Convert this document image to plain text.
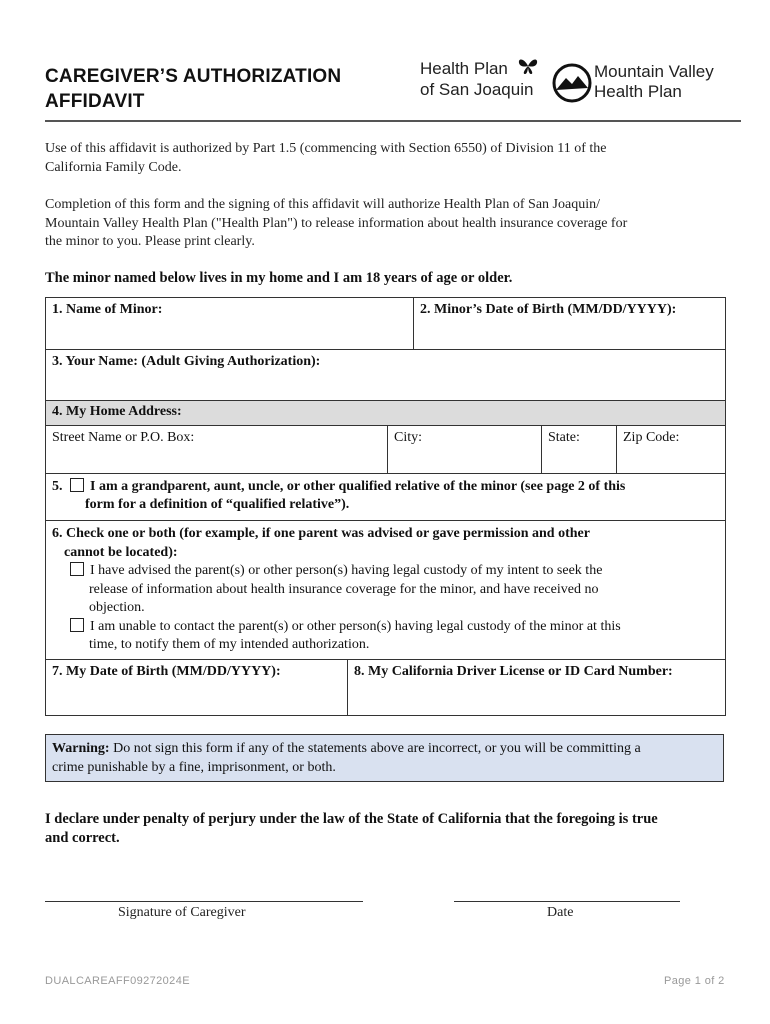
CAREGIVER’S AUTHORIZATION
AFFIDAVIT
Health Plan
of San Joaquin
Mountain Valley
Health Plan
Use of this affidavit is authorized by Part 1.5 (commencing with Section 6550) of Division 11 of the
California Family Code.
Completion of this form and the signing of this affidavit will authorize Health Plan of San Joaquin/
Mountain Valley Health Plan ("Health Plan") to release information about health insurance coverage for
the minor to you. Please print clearly.
The minor named below lives in my home and I am 18 years of age or older.
1. Name of Minor:	2. Minor’s Date of Birth (MM/DD/YYYY):
3. Your Name: (Adult Giving Authorization):
4. My Home Address:
Street Name or P.O. Box:	City:	State:	Zip Code:
5. I am a grandparent, aunt, uncle, or other qualified relative of the minor (see page 2 of this
form for a definition of “qualified relative”).
6. Check one or both (for example, if one parent was advised or gave permission and other
cannot be located):
I have advised the parent(s) or other person(s) having legal custody of my intent to seek the
release of information about health insurance coverage for the minor, and have received no
objection.
I am unable to contact the parent(s) or other person(s) having legal custody of the minor at this
time, to notify them of my intended authorization.
7. My Date of Birth (MM/DD/YYYY):	8. My California Driver License or ID Card Number:
Warning: Do not sign this form if any of the statements above are incorrect, or you will be committing a
crime punishable by a fine, imprisonment, or both.
I declare under penalty of perjury under the law of the State of California that the foregoing is true
and correct.
Signature of Caregiver	Date
DUALCAREAFF09272024E	Page 1 of 2
